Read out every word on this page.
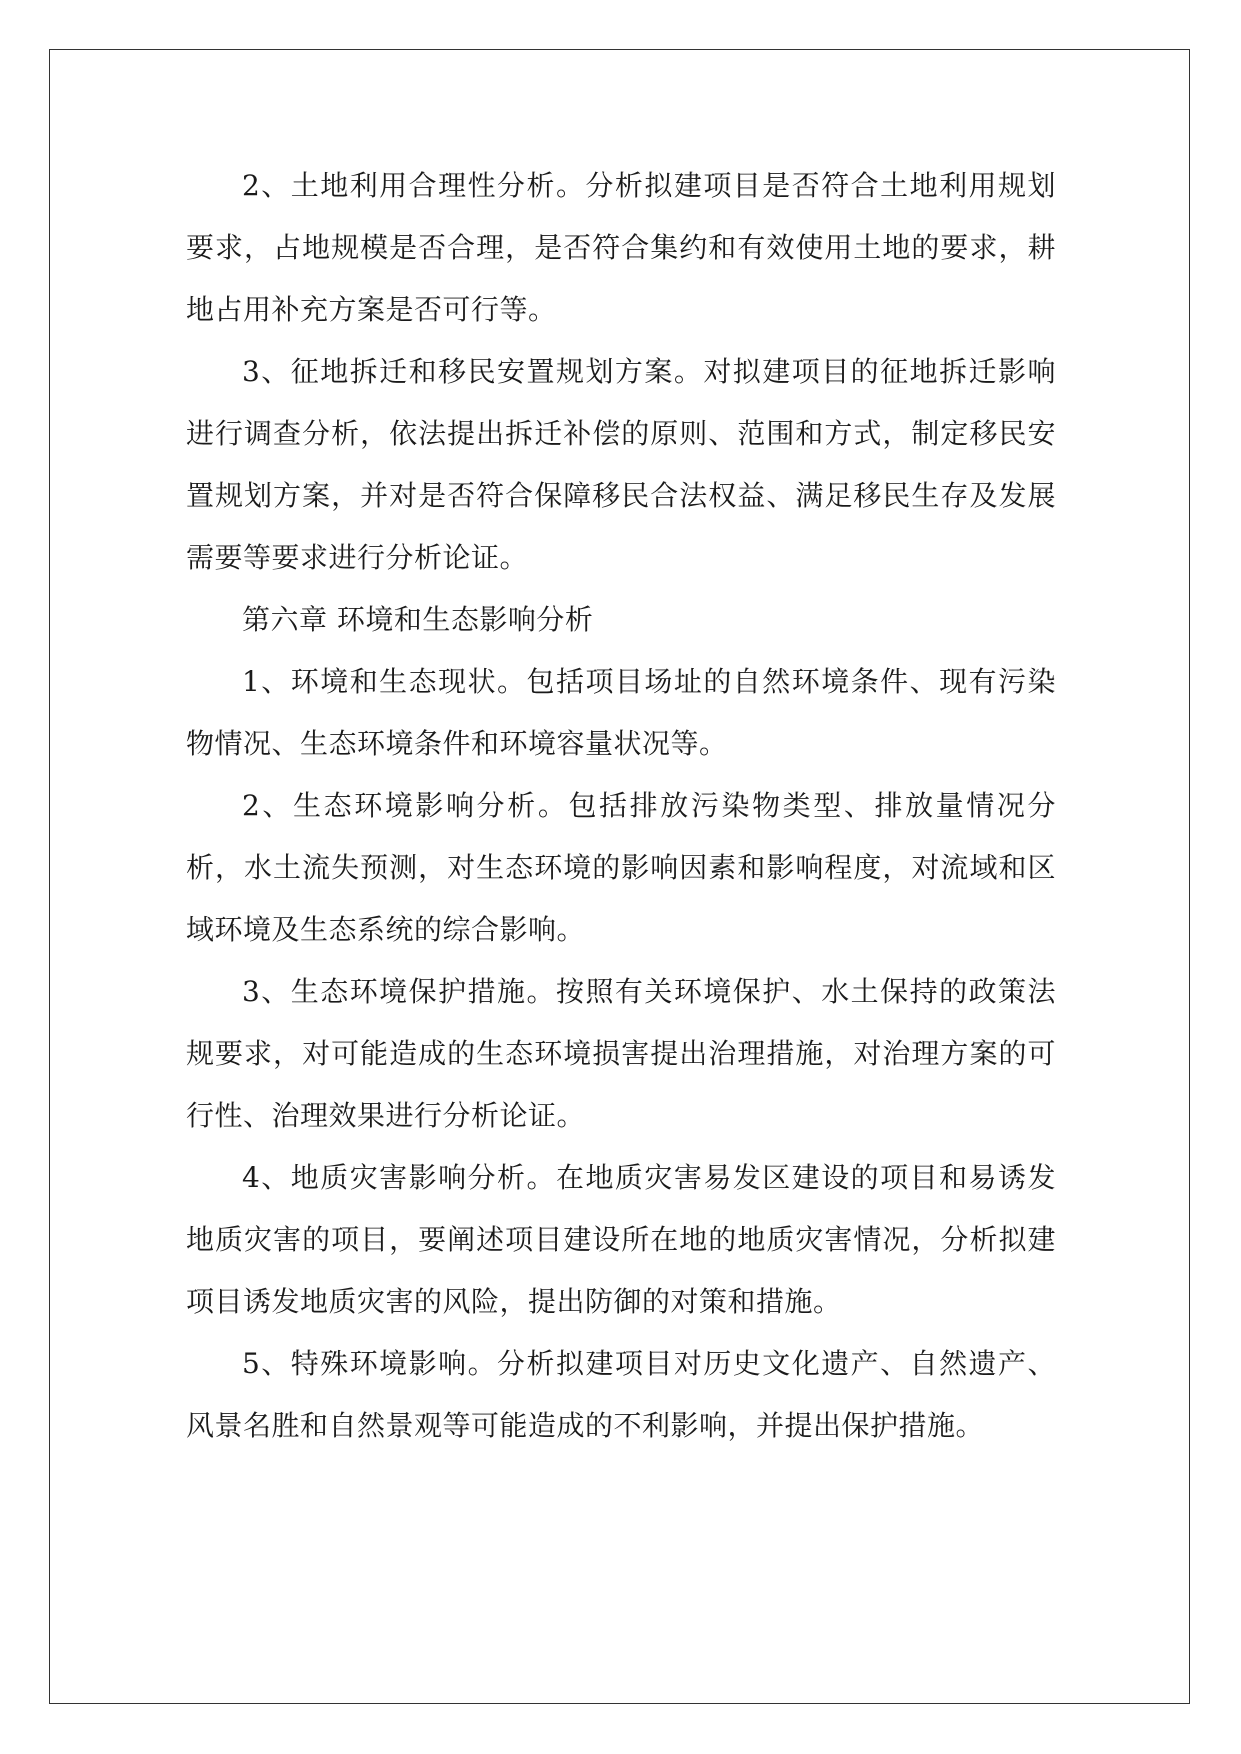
2、土地利用合理性分析。分析拟建项目是否符合土地利用规划要求，占地规模是否合理，是否符合集约和有效使用土地的要求，耕地占用补充方案是否可行等。

3、征地拆迁和移民安置规划方案。对拟建项目的征地拆迁影响进行调查分析，依法提出拆迁补偿的原则、范围和方式，制定移民安置规划方案，并对是否符合保障移民合法权益、满足移民生存及发展需要等要求进行分析论证。

第六章 环境和生态影响分析

1、环境和生态现状。包括项目场址的自然环境条件、现有污染物情况、生态环境条件和环境容量状况等。

2、生态环境影响分析。包括排放污染物类型、排放量情况分析，水土流失预测，对生态环境的影响因素和影响程度，对流域和区域环境及生态系统的综合影响。

3、生态环境保护措施。按照有关环境保护、水土保持的政策法规要求，对可能造成的生态环境损害提出治理措施，对治理方案的可行性、治理效果进行分析论证。

4、地质灾害影响分析。在地质灾害易发区建设的项目和易诱发地质灾害的项目，要阐述项目建设所在地的地质灾害情况，分析拟建项目诱发地质灾害的风险，提出防御的对策和措施。

5、特殊环境影响。分析拟建项目对历史文化遗产、自然遗产、风景名胜和自然景观等可能造成的不利影响，并提出保护措施。
